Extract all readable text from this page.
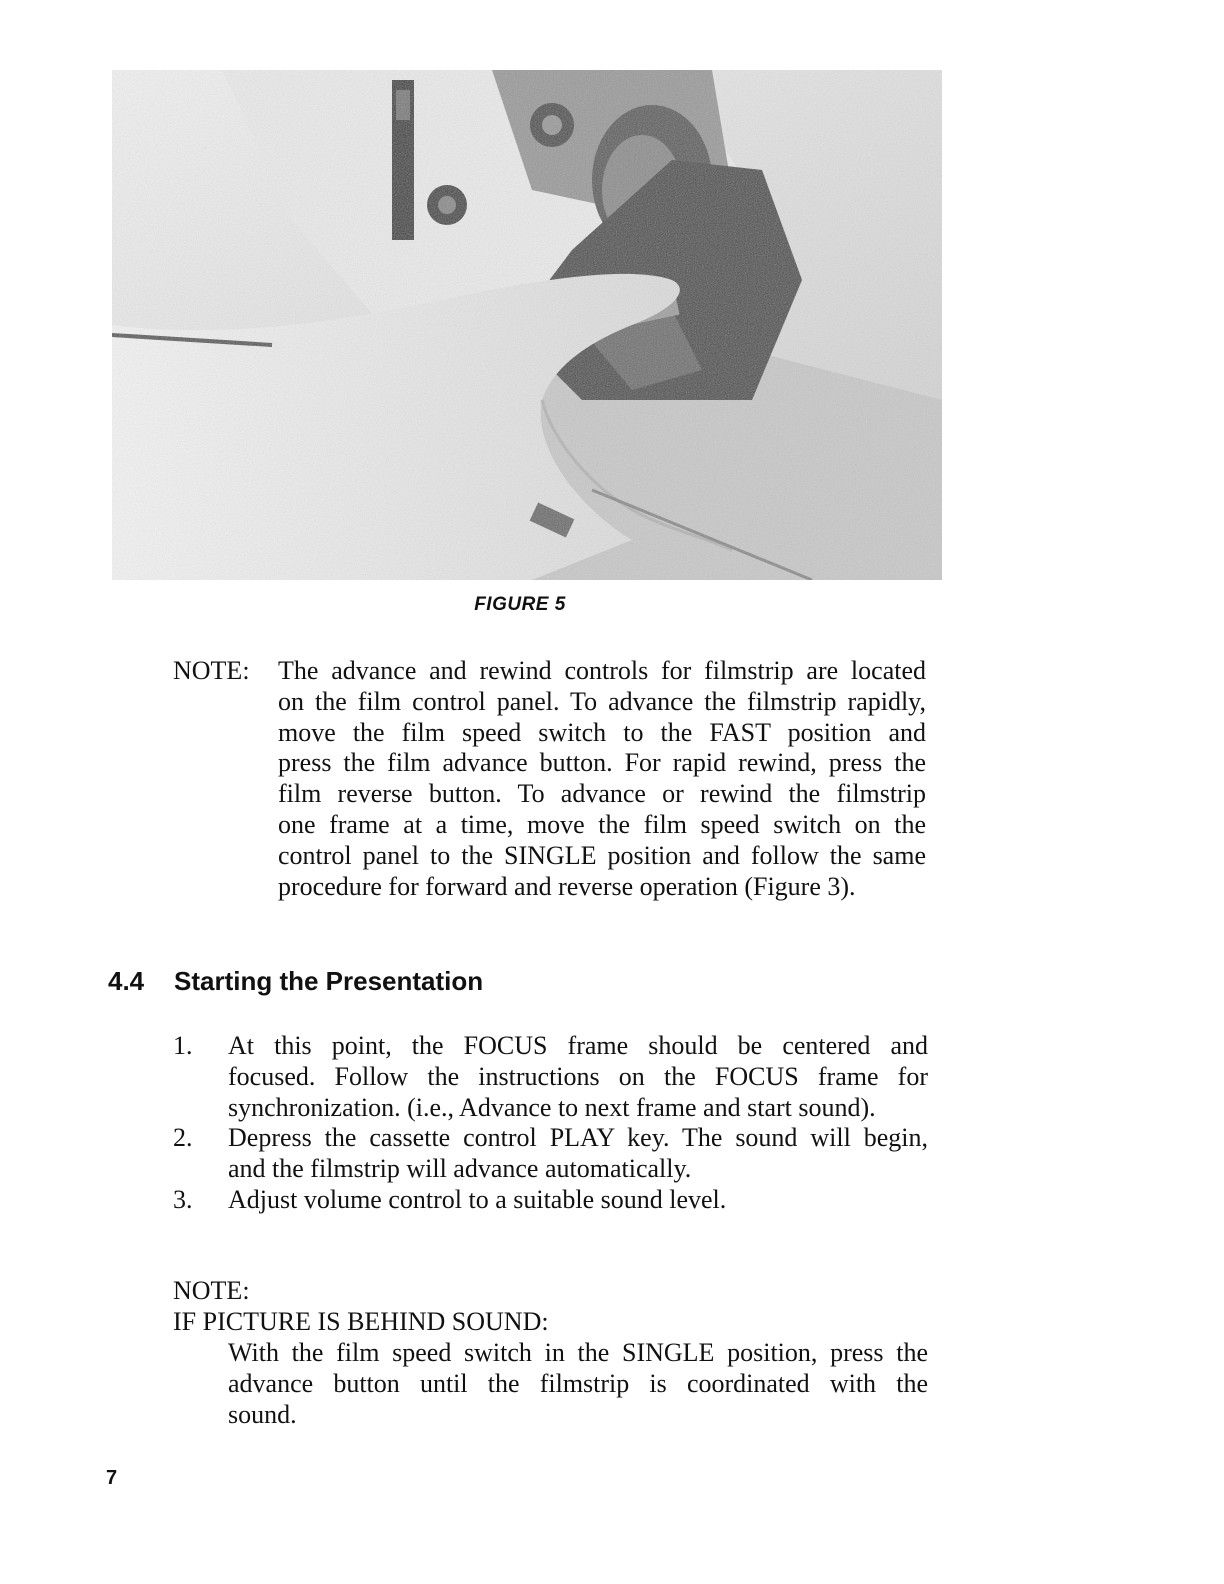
FIGURE 5
NOTE: The advance and rewind controls for filmstrip are located
on the film control panel. To advance the filmstrip rapidly,
move the film speed switch to the FAST position and
press the film advance button. For rapid rewind, press the
film reverse button. To advance or rewind the filmstrip
one frame at a time, move the film speed switch on the
control panel to the SINGLE position and follow the same
procedure for forward and reverse operation (Figure 3).
4.4 Starting the Presentation
1. At this point, the FOCUS frame should be centered and
focused. Follow the instructions on the FOCUS frame for
synchronization. (i.e., Advance to next frame and start sound).
2. Depress the cassette control PLAY key. The sound will begin,
and the filmstrip will advance automatically.
3. Adjust volume control to a suitable sound level.
NOTE:
IF PICTURE IS BEHIND SOUND:
With the film speed switch in the SINGLE position, press the
advance button until the filmstrip is coordinated with the
sound.
7
